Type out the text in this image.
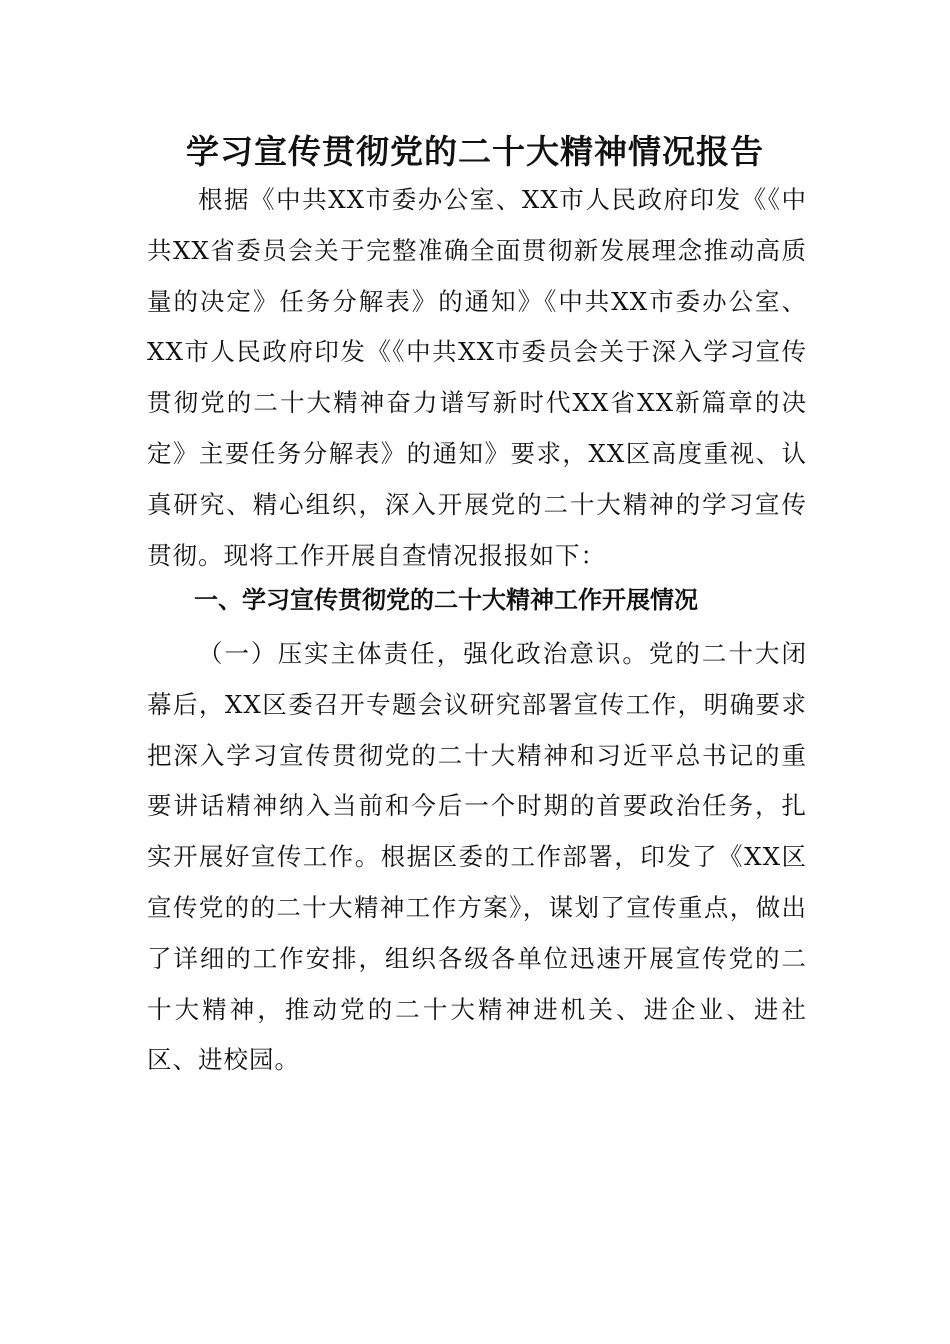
学习宣传贯彻党的二十大精神情况报告

根据《中共XX市委办公室、XX市人民政府印发《《中共XX省委员会关于完整准确全面贯彻新发展理念推动高质量的决定》任务分解表》的通知》《中共XX市委办公室、XX市人民政府印发《《中共XX市委员会关于深入学习宣传贯彻党的二十大精神奋力谱写新时代XX省XX新篇章的决定》主要任务分解表》的通知》要求，XX区高度重视、认真研究、精心组织，深入开展党的二十大精神的学习宣传贯彻。现将工作开展自查情况报报如下：

一、学习宣传贯彻党的二十大精神工作开展情况

（一）压实主体责任，强化政治意识。党的二十大闭幕后，XX区委召开专题会议研究部署宣传工作，明确要求把深入学习宣传贯彻党的二十大精神和习近平总书记的重要讲话精神纳入当前和今后一个时期的首要政治任务，扎实开展好宣传工作。根据区委的工作部署，印发了《XX区宣传党的的二十大精神工作方案》，谋划了宣传重点，做出了详细的工作安排，组织各级各单位迅速开展宣传党的二十大精神，推动党的二十大精神进机关、进企业、进社区、进校园。
